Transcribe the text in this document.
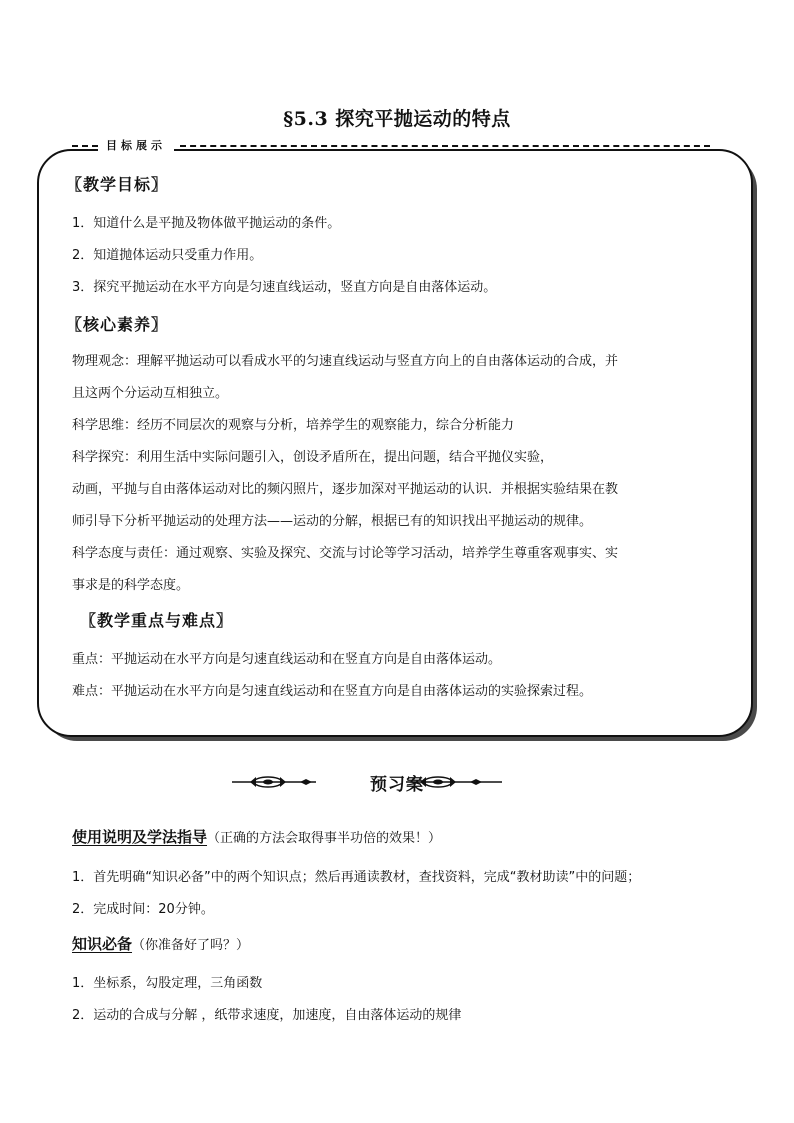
§5.3 探究平抛运动的特点
目标展示
〖教学目标〗
1．知道什么是平抛及物体做平抛运动的条件。
2．知道抛体运动只受重力作用。
3．探究平抛运动在水平方向是匀速直线运动，竖直方向是自由落体运动。
〖核心素养〗
物理观念：理解平抛运动可以看成水平的匀速直线运动与竖直方向上的自由落体运动的合成，并
且这两个分运动互相独立。
科学思维：经历不同层次的观察与分析，培养学生的观察能力，综合分析能力
科学探究：利用生活中实际问题引入，创设矛盾所在，提出问题，结合平抛仪实验，
动画，平抛与自由落体运动对比的频闪照片，逐步加深对平抛运动的认识．并根据实验结果在教
师引导下分析平抛运动的处理方法——运动的分解，根据已有的知识找出平抛运动的规律。
科学态度与责任：通过观察、实验及探究、交流与讨论等学习活动，培养学生尊重客观事实、实
事求是的科学态度。
〖教学重点与难点〗
重点：平抛运动在水平方向是匀速直线运动和在竖直方向是自由落体运动。
难点：平抛运动在水平方向是匀速直线运动和在竖直方向是自由落体运动的实验探索过程。
预习案
使用说明及学法指导（正确的方法会取得事半功倍的效果！）
1．首先明确“知识必备”中的两个知识点；然后再通读教材，查找资料，完成“教材助读”中的问题；
2．完成时间：20分钟。
知识必备（你准备好了吗？）
1．坐标系，勾股定理，三角函数
2．运动的合成与分解 ，纸带求速度，加速度，自由落体运动的规律
